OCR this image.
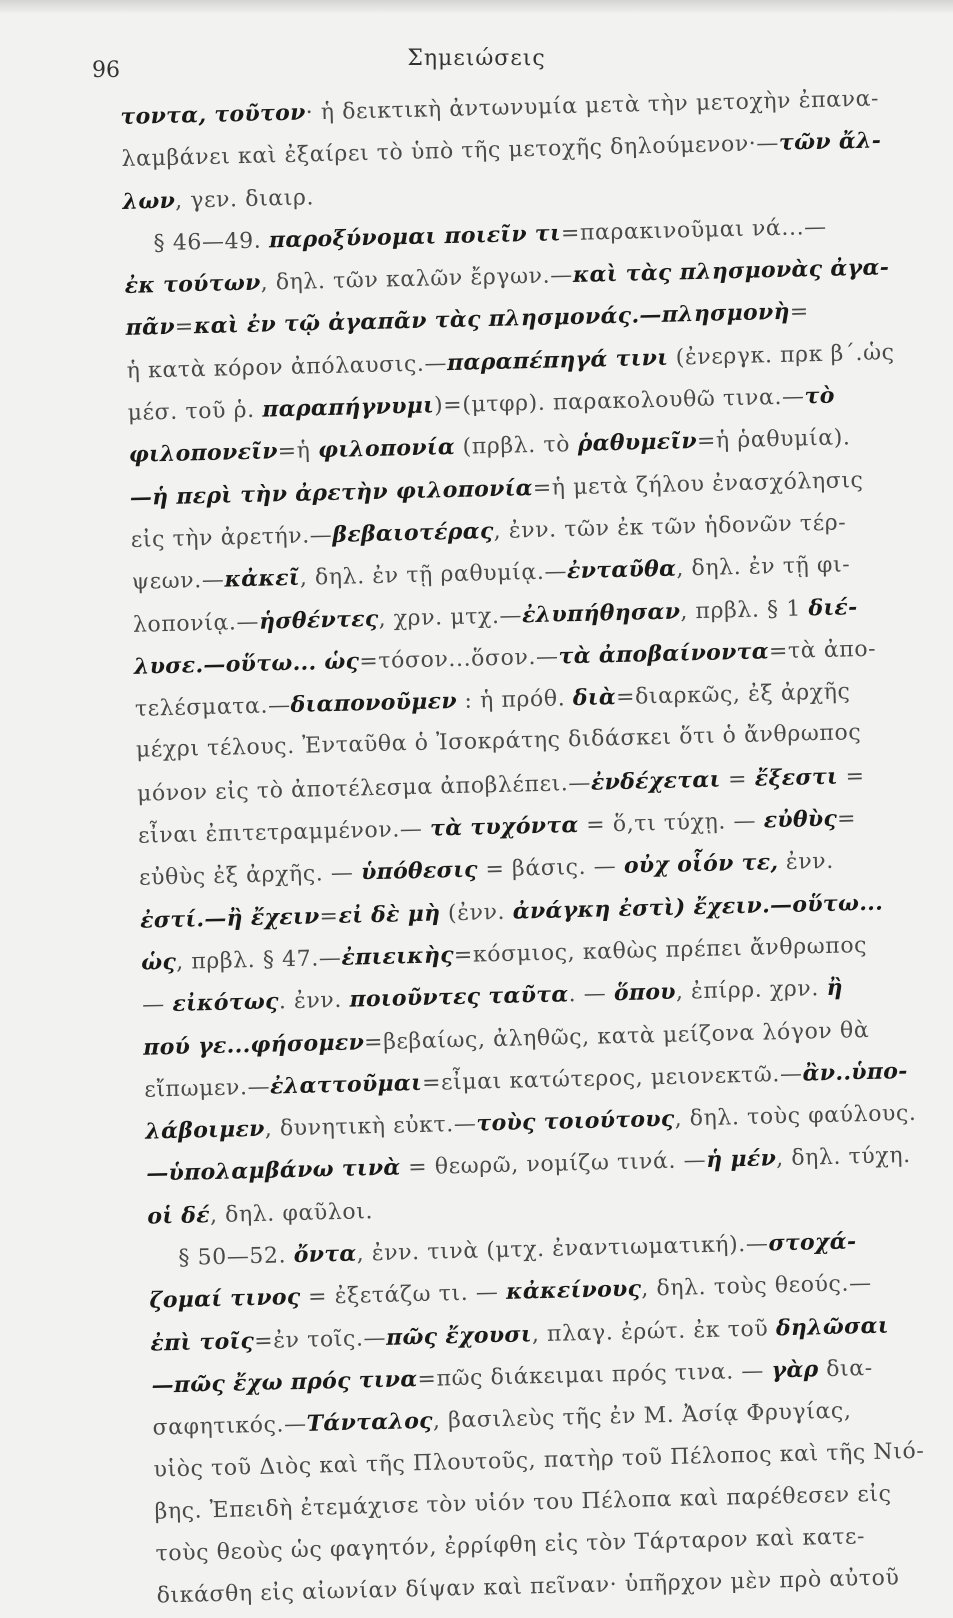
96	Σημειώσεις
τοντα, τοῦτον· ἡ δεικτικὴ ἀντωνυμία μετὰ τὴν μετοχὴν ἐπανα-
λαμβάνει καὶ ἐξαίρει τὸ ὑπὸ τῆς μετοχῆς δηλούμενον·—τῶν ἄλ-
λων, γεν. διαιρ.
§ 46—49. παροξύνομαι ποιεῖν τι=παρακινοῦμαι νά...—
ἐκ τούτων, δηλ. τῶν καλῶν ἔργων.—καὶ τὰς πλησμονὰς ἀγα-
πᾶν=καὶ ἐν τῷ ἀγαπᾶν τὰς πλησμονάς.—πλησμονὴ=
ἡ κατὰ κόρον ἀπόλαυσις.—παραπέπηγά τινι (ἐνεργκ. πρκ β΄.ὡς
μέσ. τοῦ ῥ. παραπήγνυμι)=(μτφρ). παρακολουθῶ τινα.—τὸ
φιλοπονεῖν=ἡ φιλοπονία (πρβλ. τὸ ῥαθυμεῖν=ἡ ῥαθυμία).
—ἡ περὶ τὴν ἀρετὴν φιλοπονία=ἡ μετὰ ζήλου ἐνασχόλησις
εἰς τὴν ἀρετήν.—βεβαιοτέρας, ἐνν. τῶν ἐκ τῶν ἡδονῶν τέρ-
ψεων.—κἀκεῖ, δηλ. ἐν τῇ ραθυμίᾳ.—ἐνταῦθα, δηλ. ἐν τῇ φι-
λοπονίᾳ.—ἡσθέντες, χρν. μτχ.—ἐλυπήθησαν, πρβλ. § 1 διέ-
λυσε.—οὕτω... ὡς=τόσον...ὅσον.—τὰ ἀποβαίνοντα=τὰ ἀπο-
τελέσματα.—διαπονοῦμεν : ἡ πρόθ. διὰ=διαρκῶς, ἐξ ἀρχῆς
μέχρι τέλους. Ἐνταῦθα ὁ Ἰσοκράτης διδάσκει ὅτι ὁ ἄνθρωπος
μόνον εἰς τὸ ἀποτέλεσμα ἀποβλέπει.—ἐνδέχεται = ἔξεστι =
εἶναι ἐπιτετραμμένον.— τὰ τυχόντα = ὅ,τι τύχῃ. — εὐθὺς=
εὐθὺς ἐξ ἀρχῆς. — ὑπόθεσις = βάσις. — οὐχ οἷόν τε, ἐνν.
ἐστί.—ἢ ἔχειν=εἰ δὲ μὴ (ἐνν. ἀνάγκη ἐστὶ) ἔχειν.—οὕτω...
ὡς, πρβλ. § 47.—ἐπιεικὴς=κόσμιος, καθὼς πρέπει ἄνθρωπος
— εἰκότως. ἐνν. ποιοῦντες ταῦτα. — ὅπου, ἐπίρρ. χρν. ἢ
πού γε...φήσομεν=βεβαίως, ἀληθῶς, κατὰ μείζονα λόγον θὰ
εἴπωμεν.—ἐλαττοῦμαι=εἶμαι κατώτερος, μειονεκτῶ.—ἂν..ὑπο-
λάβοιμεν, δυνητικὴ εὐκτ.—τοὺς τοιούτους, δηλ. τοὺς φαύλους.
—ὑπολαμβάνω τινὰ = θεωρῶ, νομίζω τινά. —ἡ μέν, δηλ. τύχη.
οἱ δέ, δηλ. φαῦλοι.
§ 50—52. ὄντα, ἐνν. τινὰ (μτχ. ἐναντιωματική).—στοχά-
ζομαί τινος = ἐξετάζω τι. — κἀκείνους, δηλ. τοὺς θεούς.—
ἐπὶ τοῖς=ἐν τοῖς.—πῶς ἔχουσι, πλαγ. ἐρώτ. ἐκ τοῦ δηλῶσαι
—πῶς ἔχω πρός τινα=πῶς διάκειμαι πρός τινα. — γὰρ δια-
σαφητικός.—Τάνταλος, βασιλεὺς τῆς ἐν Μ. Ἀσίᾳ Φρυγίας,
υἱὸς τοῦ Διὸς καὶ τῆς Πλουτοῦς, πατὴρ τοῦ Πέλοπος καὶ τῆς Νιό-
βης. Ἐπειδὴ ἐτεμάχισε τὸν υἱόν του Πέλοπα καὶ παρέθεσεν εἰς
τοὺς θεοὺς ὡς φαγητόν, ἐρρίφθη εἰς τὸν Τάρταρον καὶ κατε-
δικάσθη εἰς αἰωνίαν δίψαν καὶ πεῖναν· ὑπῆρχον μὲν πρὸ αὐτοῦ
